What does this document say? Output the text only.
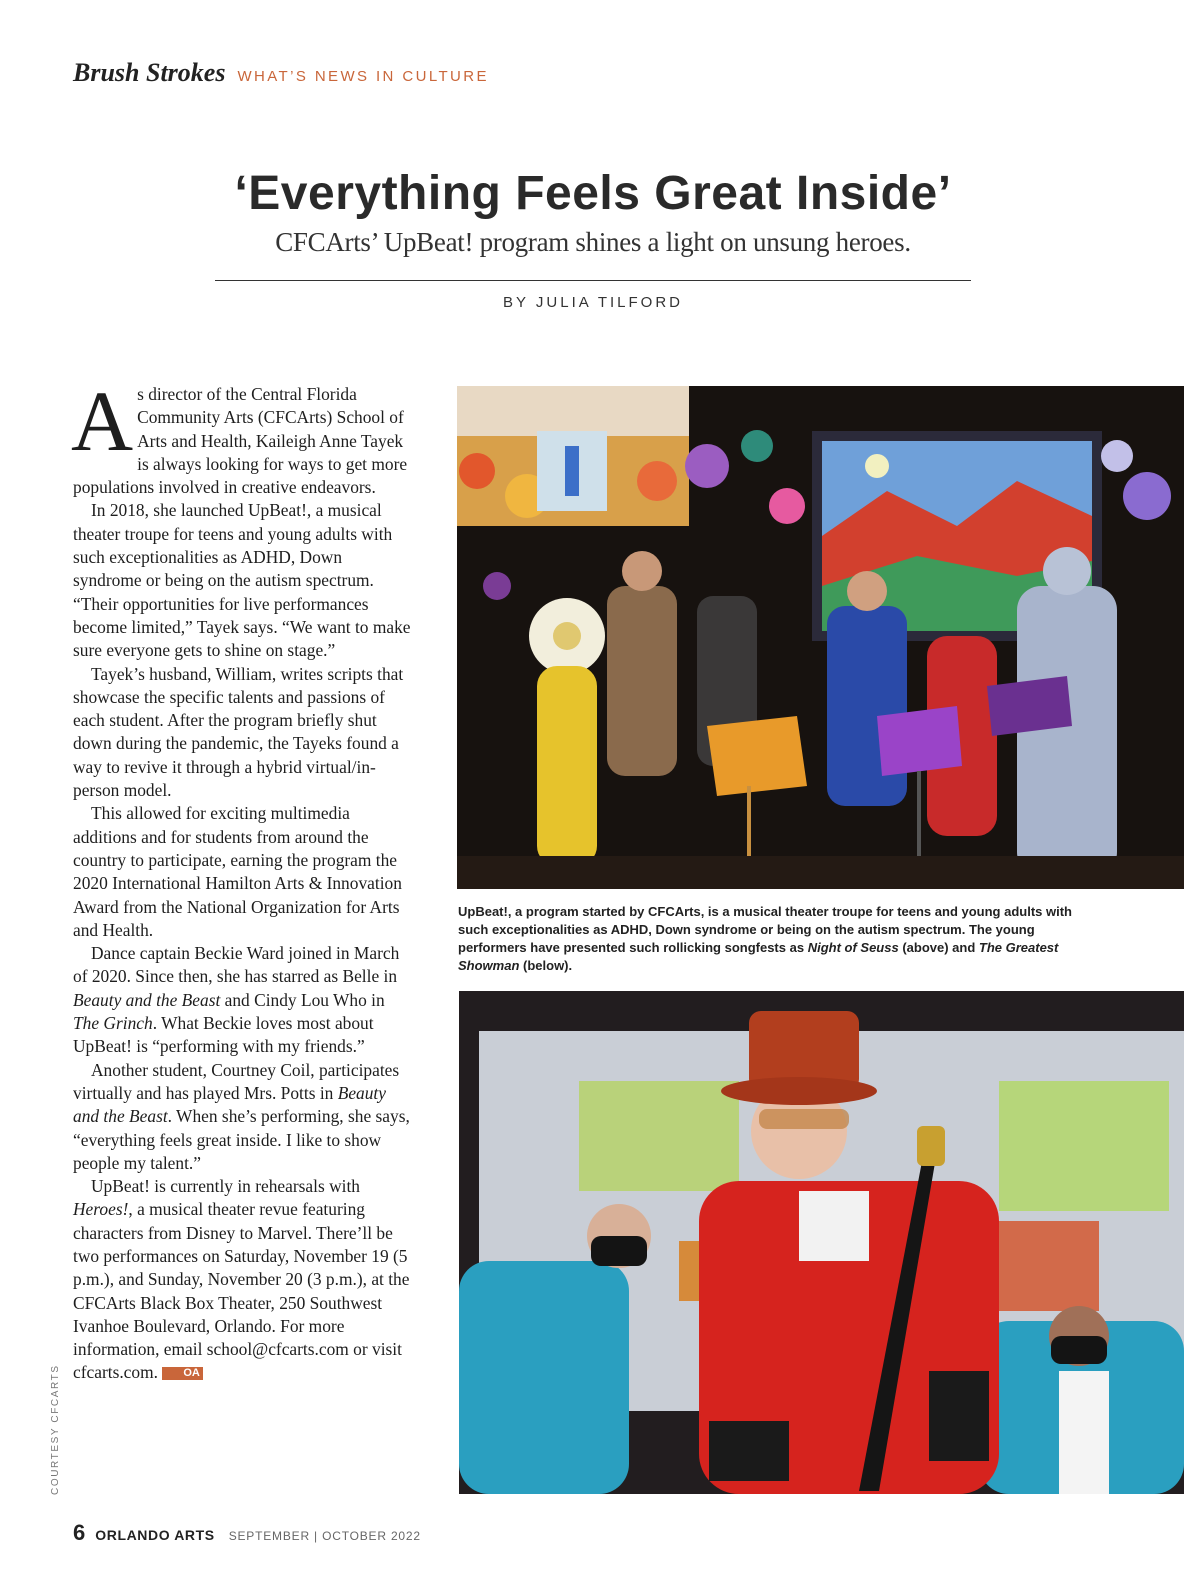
Brush Strokes WHAT’S NEWS IN CULTURE
‘Everything Feels Great Inside’
CFCArts’ UpBeat! program shines a light on unsung heroes.
BY JULIA TILFORD

As director of the Central Florida Community Arts (CFCArts) School of Arts and Health, Kaileigh Anne Tayek is always looking for ways to get more populations involved in creative endeavors.

In 2018, she launched UpBeat!, a musical theater troupe for teens and young adults with such exceptionalities as ADHD, Down syndrome or being on the autism spectrum. “Their opportunities for live performances become limited,” Tayek says. “We want to make sure everyone gets to shine on stage.”

Tayek’s husband, William, writes scripts that showcase the specific talents and passions of each student. After the program briefly shut down during the pandemic, the Tayeks found a way to revive it through a hybrid virtual/in-person model.

This allowed for exciting multimedia additions and for students from around the country to participate, earning the program the 2020 International Hamilton Arts & Innovation Award from the National Organization for Arts and Health.

Dance captain Beckie Ward joined in March of 2020. Since then, she has starred as Belle in Beauty and the Beast and Cindy Lou Who in The Grinch. What Beckie loves most about UpBeat! is “performing with my friends.”

Another student, Courtney Coil, participates virtually and has played Mrs. Potts in Beauty and the Beast. When she’s performing, she says, “everything feels great inside. I like to show people my talent.”

UpBeat! is currently in rehearsals with Heroes!, a musical theater revue featuring characters from Disney to Marvel. There’ll be two performances on Saturday, November 19 (5 p.m.), and Sunday, November 20 (3 p.m.), at the CFCArts Black Box Theater, 250 Southwest Ivanhoe Boulevard, Orlando. For more information, email school@cfcarts.com or visit cfcarts.com. OA

COURTESY CFCARTS
UpBeat!, a program started by CFCArts, is a musical theater troupe for teens and young adults with such exceptionalities as ADHD, Down syndrome or being on the autism spectrum. The young performers have presented such rollicking songfests as Night of Seuss (above) and The Greatest Showman (below).
6 ORLANDO ARTS SEPTEMBER | OCTOBER 2022
